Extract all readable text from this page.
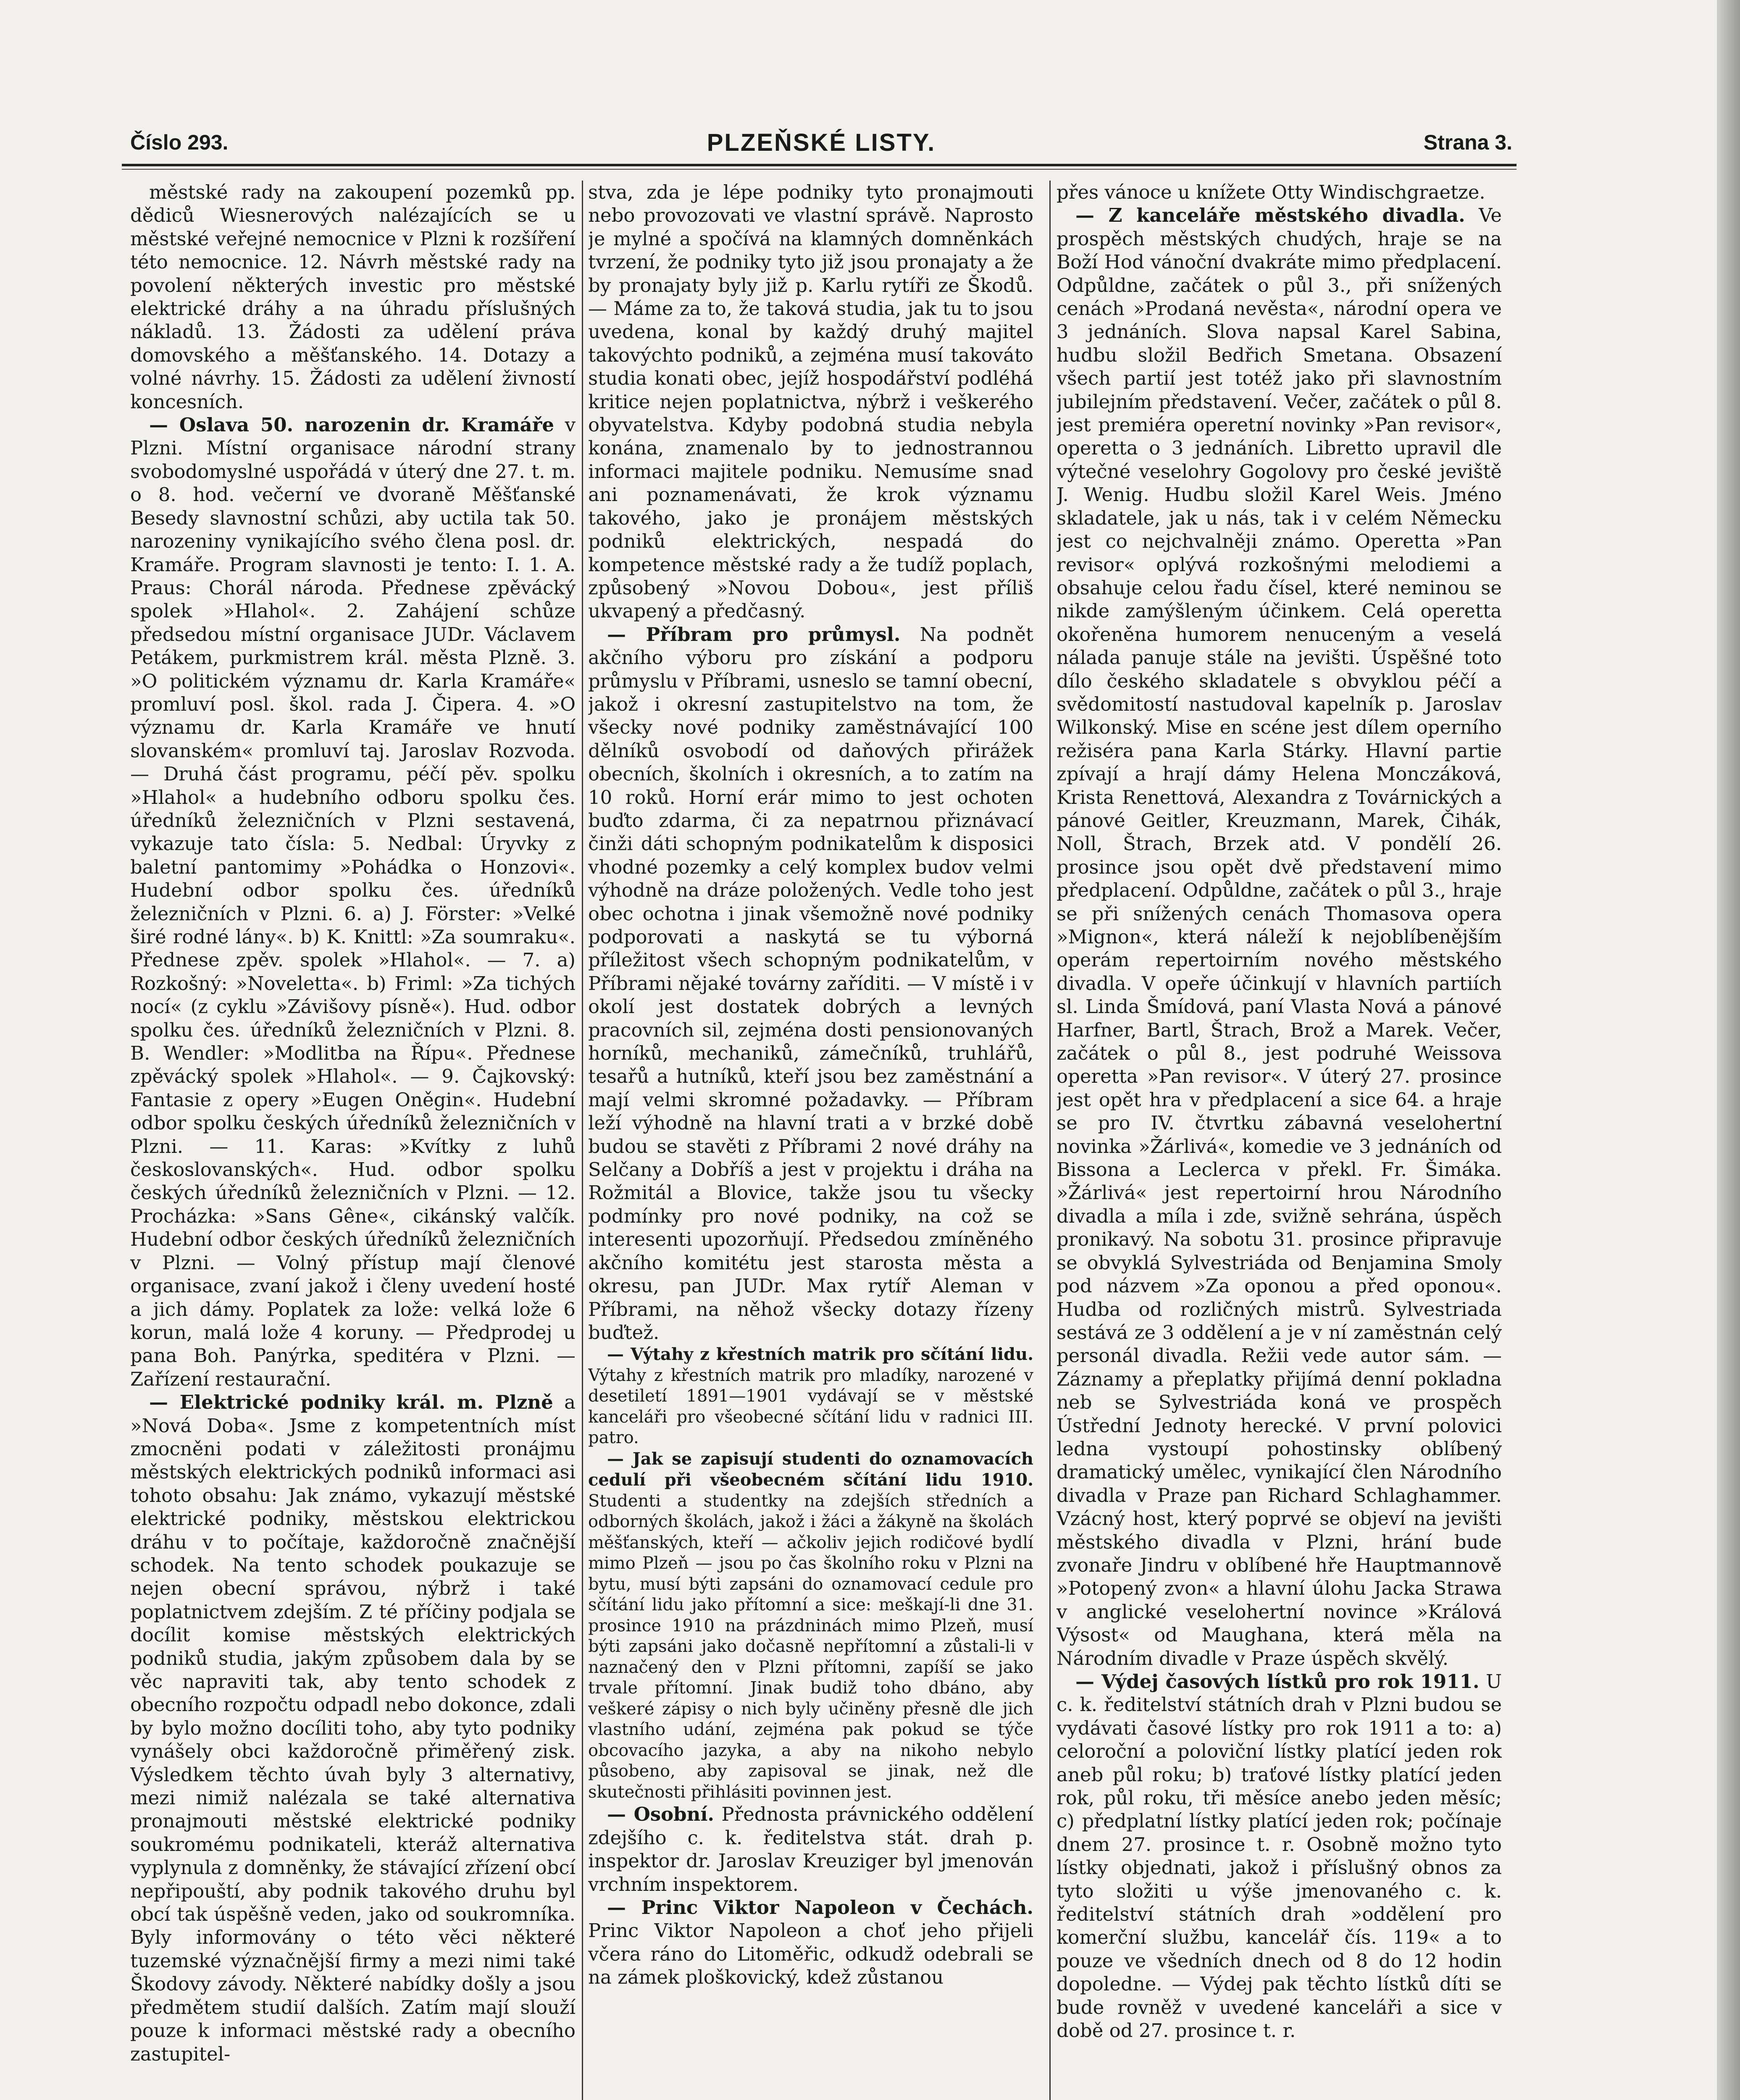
Číslo 293.	PLZEŇSKÉ LISTY.	Strana 3.

městské rady na zakoupení pozemků pp. dědiců Wiesnerových nalézajících se u městské veřejné nemocnice v Plzni k rozšíření této nemocnice. 12. Návrh městské rady na povolení některých investic pro městské elektrické dráhy a na úhradu příslušných nákladů. 13. Žádosti za udělení práva domovského a měšťanského. 14. Dotazy a volné návrhy. 15. Žádosti za udělení živností koncesních.

— Oslava 50. narozenin dr. Kramáře v Plzni. Místní organisace národní strany svobodomyslné uspořádá v úterý dne 27. t. m. o 8. hod. večerní ve dvoraně Měšťanské Besedy slavnostní schůzi, aby uctila tak 50. narozeniny vynikajícího svého člena posl. dr. Kramáře. Program slavnosti je tento: I. 1. A. Praus: Chorál národa. Přednese zpěvácký spolek »Hlahol«. 2. Zahájení schůze předsedou místní organisace JUDr. Václavem Petákem, purkmistrem král. města Plzně. 3. »O politickém významu dr. Karla Kramáře« promluví posl. škol. rada J. Čipera. 4. »O významu dr. Karla Kramáře ve hnutí slovanském« promluví taj. Jaroslav Rozvoda. — Druhá část programu, péčí pěv. spolku »Hlahol« a hudebního odboru spolku čes. úředníků železničních v Plzni sestavená, vykazuje tato čísla: 5. Nedbal: Úryvky z baletní pantomimy »Pohádka o Honzovi«. Hudební odbor spolku čes. úředníků železničních v Plzni. 6. a) J. Förster: »Velké širé rodné lány«. b) K. Knittl: »Za soumraku«. Přednese zpěv. spolek »Hlahol«. — 7. a) Rozkošný: »Noveletta«. b) Friml: »Za tichých nocí« (z cyklu »Závišovy písně«). Hud. odbor spolku čes. úředníků železničních v Plzni. 8. B. Wendler: »Modlitba na Řípu«. Přednese zpěvácký spolek »Hlahol«. — 9. Čajkovský: Fantasie z opery »Eugen Oněgin«. Hudební odbor spolku českých úředníků železničních v Plzni. — 11. Karas: »Kvítky z luhů českoslovanských«. Hud. odbor spolku českých úředníků železničních v Plzni. — 12. Procházka: »Sans Gêne«, cikánský valčík. Hudební odbor českých úředníků železničních v Plzni. — Volný přístup mají členové organisace, zvaní jakož i členy uvedení hosté a jich dámy. Poplatek za lože: velká lože 6 korun, malá lože 4 koruny. — Předprodej u pana Boh. Panýrka, speditéra v Plzni. — Zařízení restaurační.

— Elektrické podniky král. m. Plzně a »Nová Doba«. Jsme z kompetentních míst zmocněni podati v záležitosti pronájmu městských elektrických podniků informaci asi tohoto obsahu: Jak známo, vykazují městské elektrické podniky, městskou elektrickou dráhu v to počítaje, každoročně značnější schodek. Na tento schodek poukazuje se nejen obecní správou, nýbrž i také poplatnictvem zdejším. Z té příčiny podjala se docílit komise městských elektrických podniků studia, jakým způsobem dala by se věc napraviti tak, aby tento schodek z obecního rozpočtu odpadl nebo dokonce, zdali by bylo možno docíliti toho, aby tyto podniky vynášely obci každoročně přiměřený zisk. Výsledkem těchto úvah byly 3 alternativy, mezi nimiž nalézala se také alternativa pronajmouti městské elektrické podniky soukromému podnikateli, kteráž alternativa vyplynula z domněnky, že stávající zřízení obcí nepřipouští, aby podnik takového druhu byl obcí tak úspěšně veden, jako od soukromníka. Byly informovány o této věci některé tuzemské význačnější firmy a mezi nimi také Škodovy závody. Některé nabídky došly a jsou předmětem studií dalších. Zatím mají slouží pouze k informaci městské rady a obecního zastupitel-

stva, zda je lépe podniky tyto pronajmouti nebo provozovati ve vlastní správě. Naprosto je mylné a spočívá na klamných domněnkách tvrzení, že podniky tyto již jsou pronajaty a že by pronajaty byly již p. Karlu rytíři ze Škodů. — Máme za to, že taková studia, jak tu to jsou uvedena, konal by každý druhý majitel takovýchto podniků, a zejména musí takováto studia konati obec, jejíž hospodářství podléhá kritice nejen poplatnictva, nýbrž i veškerého obyvatelstva. Kdyby podobná studia nebyla konána, znamenalo by to jednostrannou informaci majitele podniku. Nemusíme snad ani poznamenávati, že krok významu takového, jako je pronájem městských podniků elektrických, nespadá do kompetence městské rady a že tudíž poplach, způsobený »Novou Dobou«, jest příliš ukvapený a předčasný.

— Příbram pro průmysl. Na podnět akčního výboru pro získání a podporu průmyslu v Příbrami, usneslo se tamní obecní, jakož i okresní zastupitelstvo na tom, že všecky nové podniky zaměstnávající 100 dělníků osvobodí od daňových přirážek obecních, školních i okresních, a to zatím na 10 roků. Horní erár mimo to jest ochoten buďto zdarma, či za nepatrnou přiznávací činži dáti schopným podnikatelům k disposici vhodné pozemky a celý komplex budov velmi výhodně na dráze položených. Vedle toho jest obec ochotna i jinak všemožně nové podniky podporovati a naskytá se tu výborná příležitost všech schopným podnikatelům, v Příbrami nějaké továrny zaříditi. — V místě i v okolí jest dostatek dobrých a levných pracovních sil, zejména dosti pensionovaných horníků, mechaniků, zámečníků, truhlářů, tesařů a hutníků, kteří jsou bez zaměstnání a mají velmi skromné požadavky. — Příbram leží výhodně na hlavní trati a v brzké době budou se stavěti z Příbrami 2 nové dráhy na Selčany a Dobříš a jest v projektu i dráha na Rožmitál a Blovice, takže jsou tu všecky podmínky pro nové podniky, na což se interesenti upozorňují. Předsedou zmíněného akčního komitétu jest starosta města a okresu, pan JUDr. Max rytíř Aleman v Příbrami, na něhož všecky dotazy řízeny buďtež.

— Výtahy z křestních matrik pro sčítání lidu. Výtahy z křestních matrik pro mladíky, narozené v desetiletí 1891—1901 vydávají se v městské kanceláři pro všeobecné sčítání lidu v radnici III. patro.

— Jak se zapisují studenti do oznamovacích cedulí při všeobecném sčítání lidu 1910. Studenti a studentky na zdejších středních a odborných školách, jakož i žáci a žákyně na školách měšťanských, kteří — ačkoliv jejich rodičové bydlí mimo Plzeň — jsou po čas školního roku v Plzni na bytu, musí býti zapsáni do oznamovací cedule pro sčítání lidu jako přítomní a sice: meškají-li dne 31. prosince 1910 na prázdninách mimo Plzeň, musí býti zapsáni jako dočasně nepřítomní a zůstali-li v naznačený den v Plzni přítomni, zapíší se jako trvale přítomní. Jinak budiž toho dbáno, aby veškeré zápisy o nich byly učiněny přesně dle jich vlastního udání, zejména pak pokud se týče obcovacího jazyka, a aby na nikoho nebylo působeno, aby zapisoval se jinak, než dle skutečnosti přihlásiti povinnen jest.

— Osobní. Přednosta právnického oddělení zdejšího c. k. ředitelstva stát. drah p. inspektor dr. Jaroslav Kreuziger byl jmenován vrchním inspektorem.

— Princ Viktor Napoleon v Čechách. Princ Viktor Napoleon a choť jeho přijeli včera ráno do Litoměřic, odkudž odebrali se na zámek ploškovický, kdež zůstanou

přes vánoce u knížete Otty Windischgraetze.

— Z kanceláře městského divadla. Ve prospěch městských chudých, hraje se na Boží Hod vánoční dvakráte mimo předplacení. Odpůldne, začátek o půl 3., při snížených cenách »Prodaná nevěsta«, národní opera ve 3 jednáních. Slova napsal Karel Sabina, hudbu složil Bedřich Smetana. Obsazení všech partií jest totéž jako při slavnostním jubilejním představení. Večer, začátek o půl 8. jest premiéra operetní novinky »Pan revisor«, operetta o 3 jednáních. Libretto upravil dle výtečné veselohry Gogolovy pro české jeviště J. Wenig. Hudbu složil Karel Weis. Jméno skladatele, jak u nás, tak i v celém Německu jest co nejchvalněji známo. Operetta »Pan revisor« oplývá rozkošnými melodiemi a obsahuje celou řadu čísel, které neminou se nikde zamýšleným účinkem. Celá operetta okořeněna humorem nenuceným a veselá nálada panuje stále na jevišti. Úspěšné toto dílo českého skladatele s obvyklou péčí a svědomitostí nastudoval kapelník p. Jaroslav Wilkonský. Mise en scéne jest dílem operního režiséra pana Karla Stárky. Hlavní partie zpívají a hrají dámy Helena Monczáková, Krista Renettová, Alexandra z Továrnických a pánové Geitler, Kreuzmann, Marek, Čihák, Noll, Štrach, Brzek atd. V pondělí 26. prosince jsou opět dvě představení mimo předplacení. Odpůldne, začátek o půl 3., hraje se při snížených cenách Thomasova opera »Mignon«, která náleží k nejoblíbenějším operám repertoirním nového městského divadla. V opeře účinkují v hlavních partiích sl. Linda Šmídová, paní Vlasta Nová a pánové Harfner, Bartl, Štrach, Brož a Marek. Večer, začátek o půl 8., jest podruhé Weissova operetta »Pan revisor«. V úterý 27. prosince jest opět hra v předplacení a sice 64. a hraje se pro IV. čtvrtku zábavná veselohertní novinka »Žárlivá«, komedie ve 3 jednáních od Bissona a Leclerca v překl. Fr. Šimáka. »Žárlivá« jest repertoirní hrou Národního divadla a míla i zde, svižně sehrána, úspěch pronikavý. Na sobotu 31. prosince připravuje se obvyklá Sylvestriáda od Benjamina Smoly pod názvem »Za oponou a před oponou«. Hudba od rozličných mistrů. Sylvestriada sestává ze 3 oddělení a je v ní zaměstnán celý personál divadla. Režii vede autor sám. — Záznamy a přeplatky přijímá denní pokladna neb se Sylvestriáda koná ve prospěch Ústřední Jednoty herecké. V první polovici ledna vystoupí pohostinsky oblíbený dramatický umělec, vynikající člen Národního divadla v Praze pan Richard Schlaghammer. Vzácný host, který poprvé se objeví na jevišti městského divadla v Plzni, hrání bude zvonaře Jindru v oblíbené hře Hauptmannově »Potopený zvon« a hlavní úlohu Jacka Strawa v anglické veselohertní novince »Králová Výsost« od Maughana, která měla na Národním divadle v Praze úspěch skvělý.

— Výdej časových lístků pro rok 1911. U c. k. ředitelství státních drah v Plzni budou se vydávati časové lístky pro rok 1911 a to: a) celoroční a poloviční lístky platící jeden rok aneb půl roku; b) traťové lístky platící jeden rok, půl roku, tři měsíce anebo jeden měsíc; c) předplatní lístky platící jeden rok; počínaje dnem 27. prosince t. r. Osobně možno tyto lístky objednati, jakož i příslušný obnos za tyto složiti u výše jmenovaného c. k. ředitelství státních drah »oddělení pro komerční službu, kancelář čís. 119« a to pouze ve všedních dnech od 8 do 12 hodin dopoledne. — Výdej pak těchto lístků díti se bude rovněž v uvedené kanceláři a sice v době od 27. prosince t. r.
